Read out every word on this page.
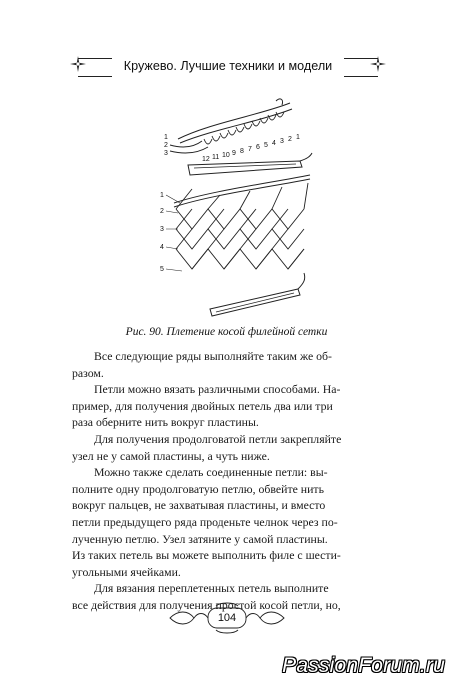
Кружево. Лучшие техники и модели
1
2
3
12 11 10 9 8 7 6 5 4 3 2 1
1
2
3
4
5
Рис. 90. Плетение косой филейной сетки

Все следующие ряды выполняйте таким же об-
разом.

Петли можно вязать различными способами. На-
пример, для получения двойных петель два или три
раза оберните нить вокруг пластины.

Для получения продолговатой петли закрепляйте
узел не у самой пластины, а чуть ниже.

Можно также сделать соединенные петли: вы-
полните одну продолговатую петлю, обвейте нить
вокруг пальцев, не захватывая пластины, и вместо
петли предыдущего ряда проденьте челнок через по-
лученную петлю. Узел затяните у самой пластины.
Из таких петель вы можете выполнить филе с шести-
угольными ячейками.

Для вязания переплетенных петель выполните
все действия для получения простой косой петли, но,

104
PassionForum.ru
